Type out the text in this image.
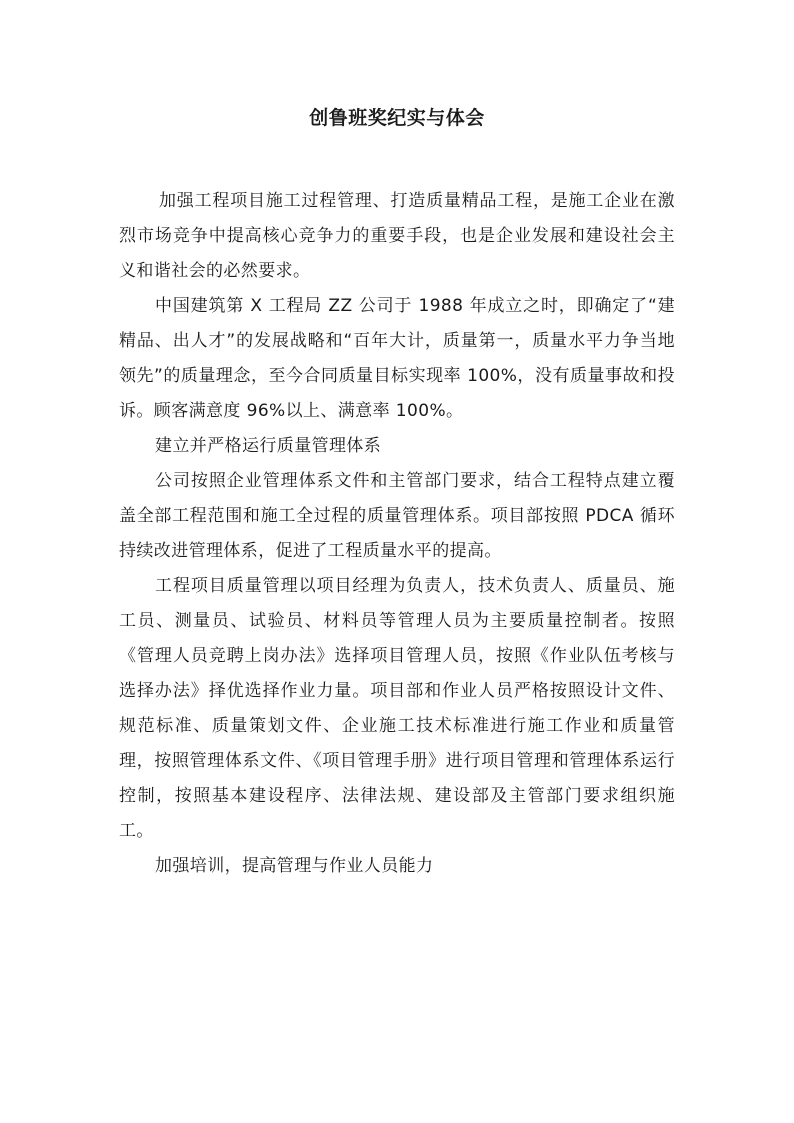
创鲁班奖纪实与体会

加强工程项目施工过程管理、打造质量精品工程，是施工企业在激烈市场竞争中提高核心竞争力的重要手段，也是企业发展和建设社会主义和谐社会的必然要求。

中国建筑第 X 工程局 ZZ 公司于 1988 年成立之时，即确定了“建精品、出人才”的发展战略和“百年大计，质量第一，质量水平力争当地领先”的质量理念，至今合同质量目标实现率 100%，没有质量事故和投诉。顾客满意度 96%以上、满意率 100%。

建立并严格运行质量管理体系

公司按照企业管理体系文件和主管部门要求，结合工程特点建立覆盖全部工程范围和施工全过程的质量管理体系。项目部按照 PDCA 循环持续改进管理体系，促进了工程质量水平的提高。

工程项目质量管理以项目经理为负责人，技术负责人、质量员、施工员、测量员、试验员、材料员等管理人员为主要质量控制者。按照《管理人员竞聘上岗办法》选择项目管理人员，按照《作业队伍考核与选择办法》择优选择作业力量。项目部和作业人员严格按照设计文件、规范标准、质量策划文件、企业施工技术标准进行施工作业和质量管理，按照管理体系文件、《项目管理手册》进行项目管理和管理体系运行控制，按照基本建设程序、法律法规、建设部及主管部门要求组织施工。

加强培训，提高管理与作业人员能力
